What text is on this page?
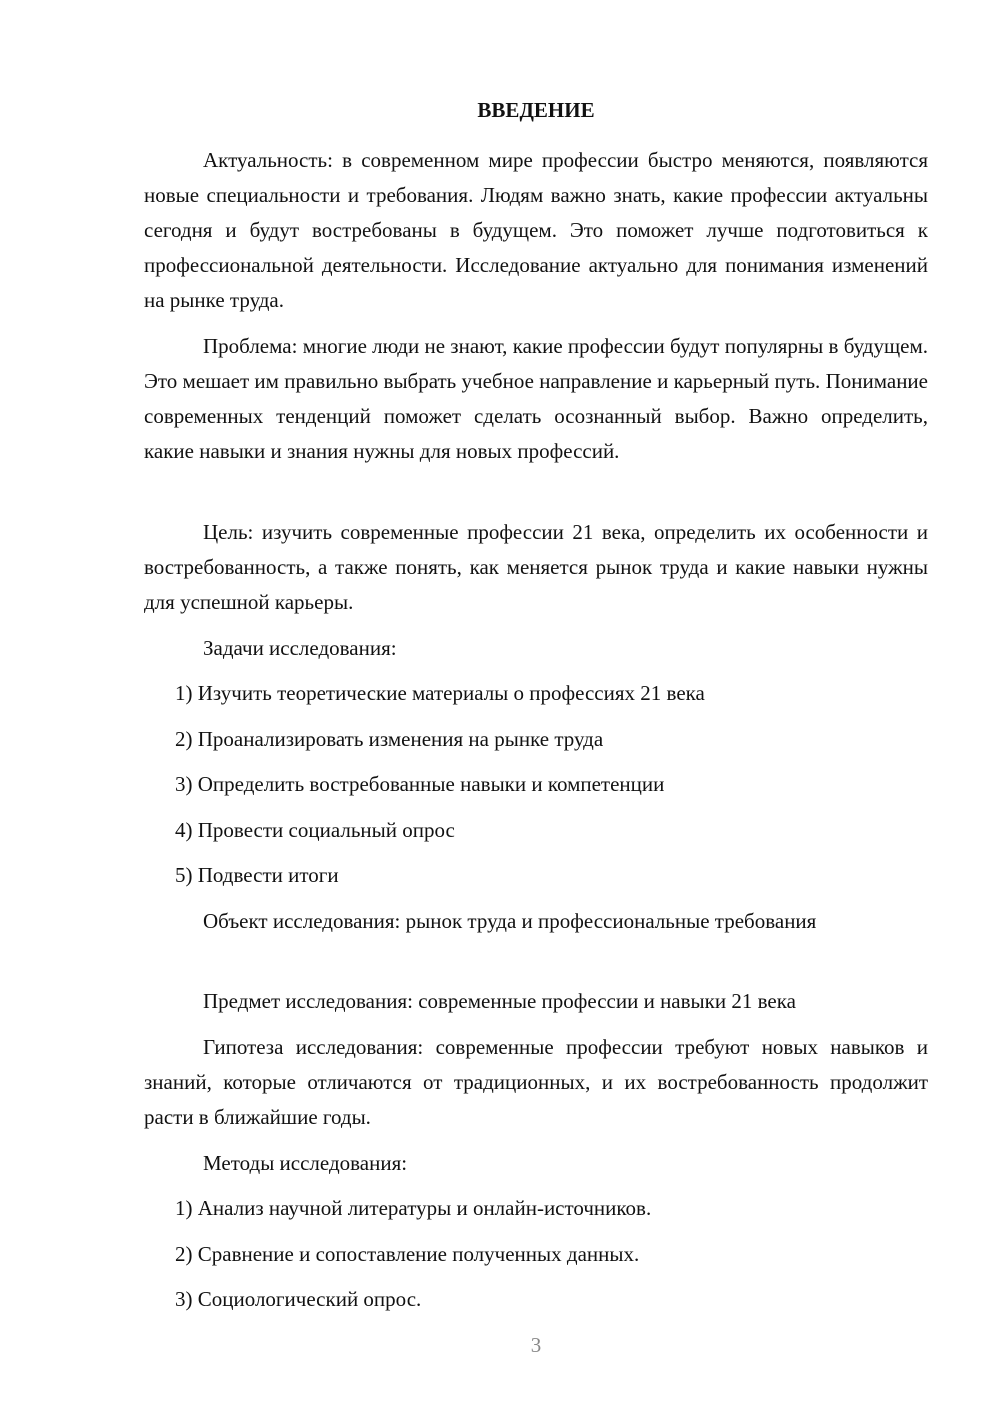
ВВЕДЕНИЕ

Актуальность: в современном мире профессии быстро меняются, появляются новые специальности и требования. Людям важно знать, какие профессии актуальны сегодня и будут востребованы в будущем. Это поможет лучше подготовиться к профессиональной деятельности. Исследование актуально для понимания изменений на рынке труда.

Проблема: многие люди не знают, какие профессии будут популярны в будущем. Это мешает им правильно выбрать учебное направление и карьерный путь. Понимание современных тенденций поможет сделать осознанный выбор. Важно определить, какие навыки и знания нужны для новых профессий.

Цель: изучить современные профессии 21 века, определить их особенности и востребованность, а также понять, как меняется рынок труда и какие навыки нужны для успешной карьеры.

Задачи исследования:

1) Изучить теоретические материалы о профессиях 21 века

2) Проанализировать изменения на рынке труда

3) Определить востребованные навыки и компетенции

4) Провести социальный опрос

5) Подвести итоги

Объект исследования: рынок труда и профессиональные требования

Предмет исследования: современные профессии и навыки 21 века

Гипотеза исследования: современные профессии требуют новых навыков и знаний, которые отличаются от традиционных, и их востребованность продолжит расти в ближайшие годы.

Методы исследования:

1) Анализ научной литературы и онлайн-источников.

2) Сравнение и сопоставление полученных данных.

3) Социологический опрос.

3
